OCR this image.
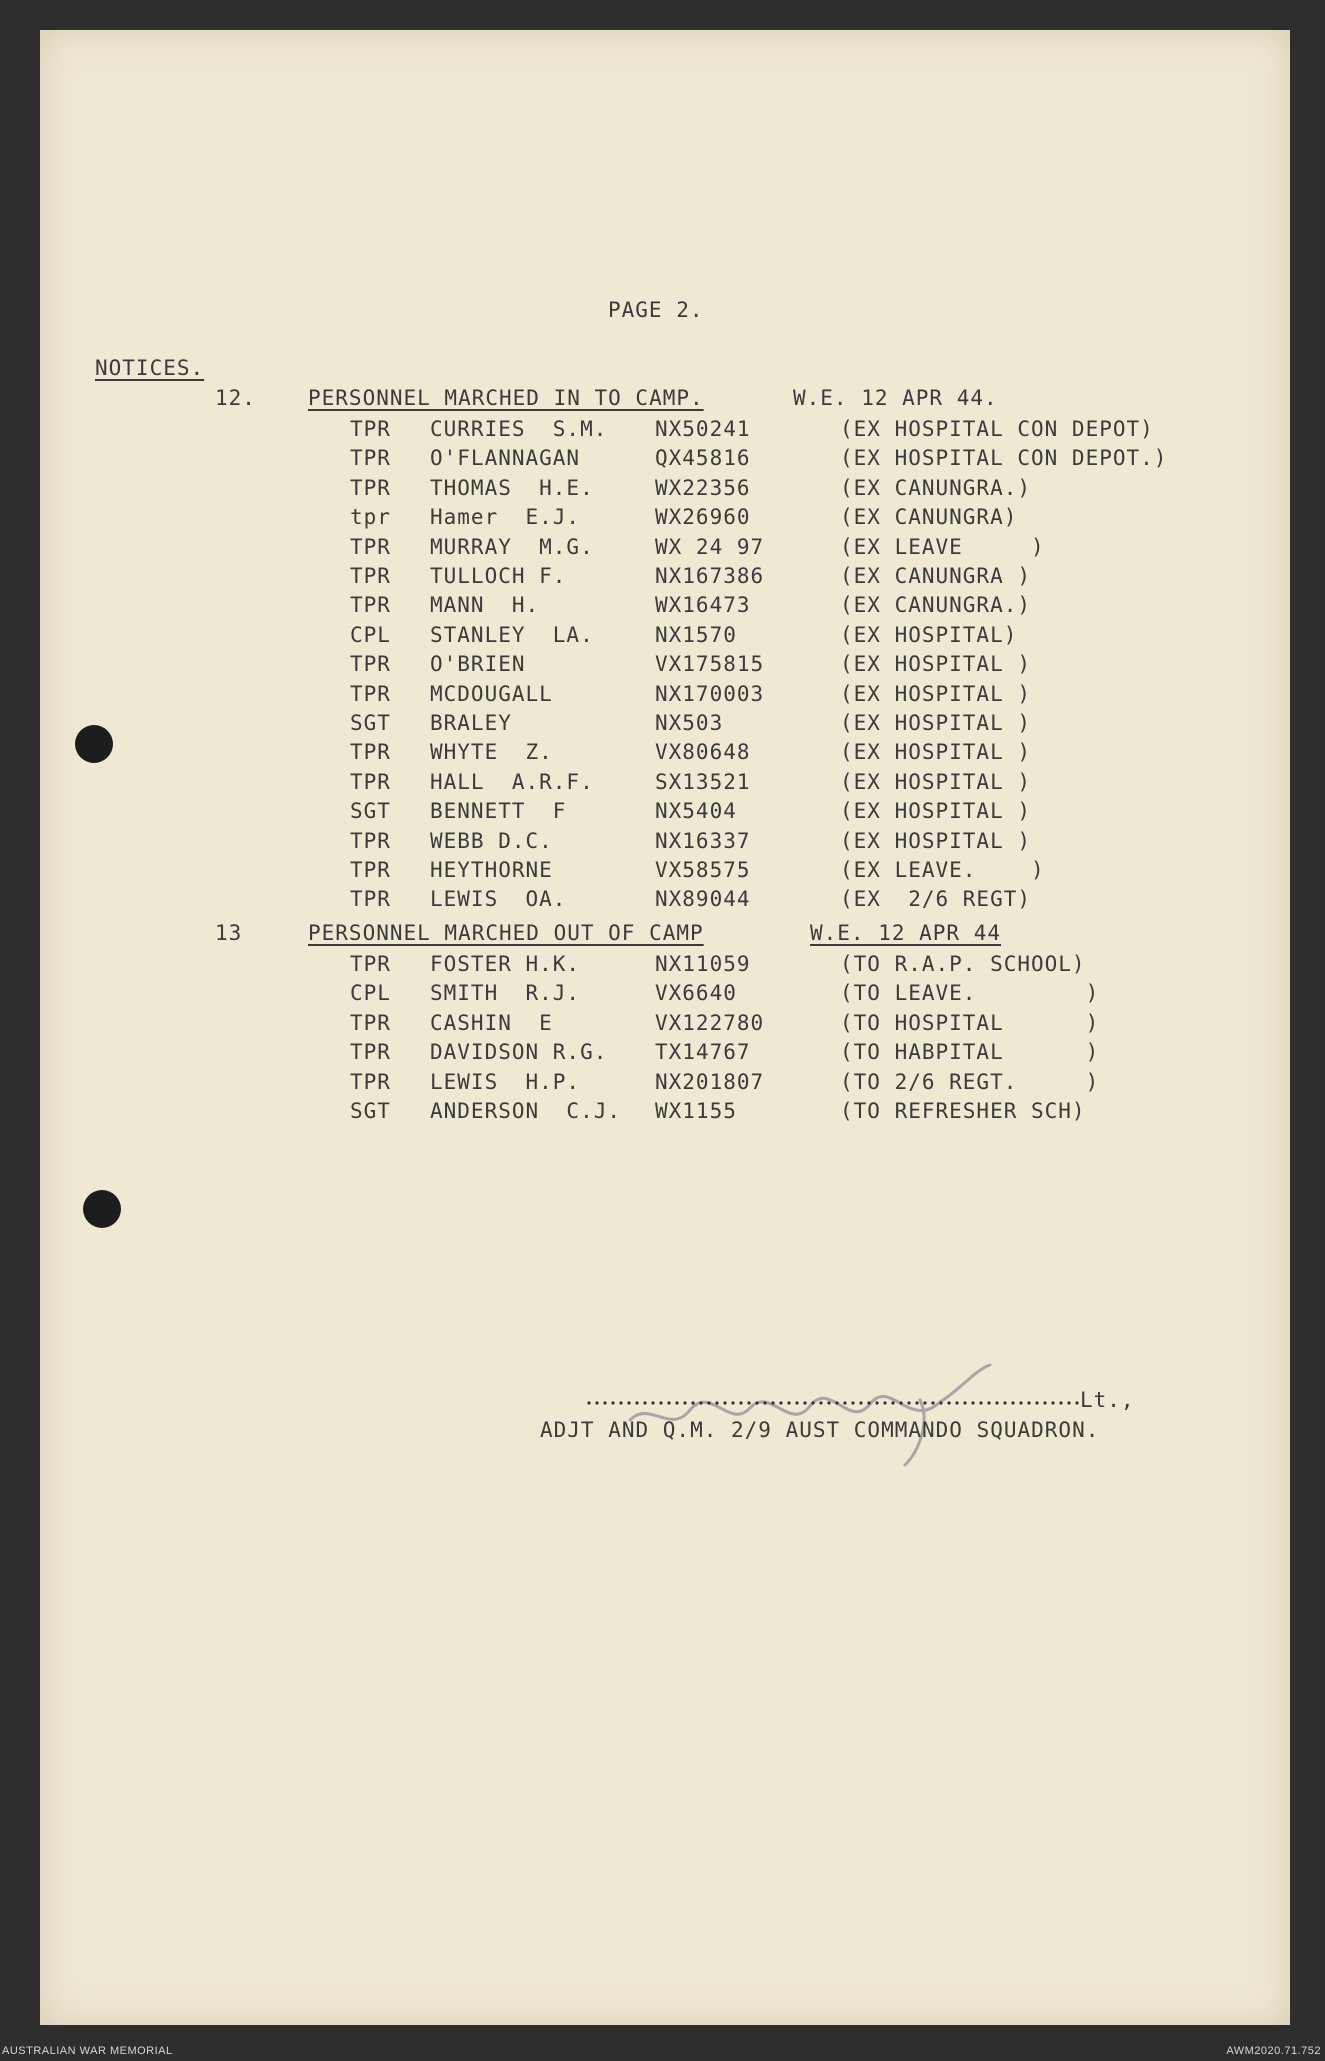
PAGE 2.
NOTICES.
12. PERSONNEL MARCHED IN TO CAMP.	W.E. 12 APR 44.
TPR CURRIES  S.M. NX50241	(EX HOSPITAL CON DEPOT)
TPR O'FLANNAGAN	QX45816	(EX HOSPITAL CON DEPOT.)
TPR THOMAS  H.E.	WX22356	(EX CANUNGRA.)
tpr Hamer  E.J.	WX26960	(EX CANUNGRA)
TPR MURRAY  M.G.	WX 24 97	(EX LEAVE     )
TPR TULLOCH F.	NX167386	(EX CANUNGRA )
TPR MANN  H.	WX16473	(EX CANUNGRA.)
CPL STANLEY  LA.	NX1570	(EX HOSPITAL)
TPR O'BRIEN	VX175815	(EX HOSPITAL )
TPR MCDOUGALL	NX170003	(EX HOSPITAL )
SGT BRALEY	NX503	(EX HOSPITAL )
TPR WHYTE  Z.	VX80648	(EX HOSPITAL )
TPR HALL  A.R.F.	SX13521	(EX HOSPITAL )
SGT BENNETT  F	NX5404	(EX HOSPITAL )
TPR WEBB D.C.	NX16337	(EX HOSPITAL )
TPR HEYTHORNE	VX58575	(EX LEAVE.    )
TPR LEWIS  OA.	NX89044	(EX  2/6 REGT)
13	PERSONNEL MARCHED OUT OF CAMP	W.E. 12 APR 44
TPR FOSTER H.K.	NX11059	(TO R.A.P. SCHOOL)
CPL SMITH  R.J.	VX6640	(TO LEAVE.        )
TPR CASHIN  E	VX122780	(TO HOSPITAL      )
TPR DAVIDSON R.G. TX14767	(TO HABPITAL      )
TPR LEWIS  H.P.	NX201807	(TO 2/6 REGT.     )
SGT ANDERSON  C.J. WX1155	(TO REFRESHER SCH)
Lt.,
ADJT AND Q.M. 2/9 AUST COMMANDO SQUADRON.
AUSTRALIAN WAR MEMORIAL	AWM2020.71.752
